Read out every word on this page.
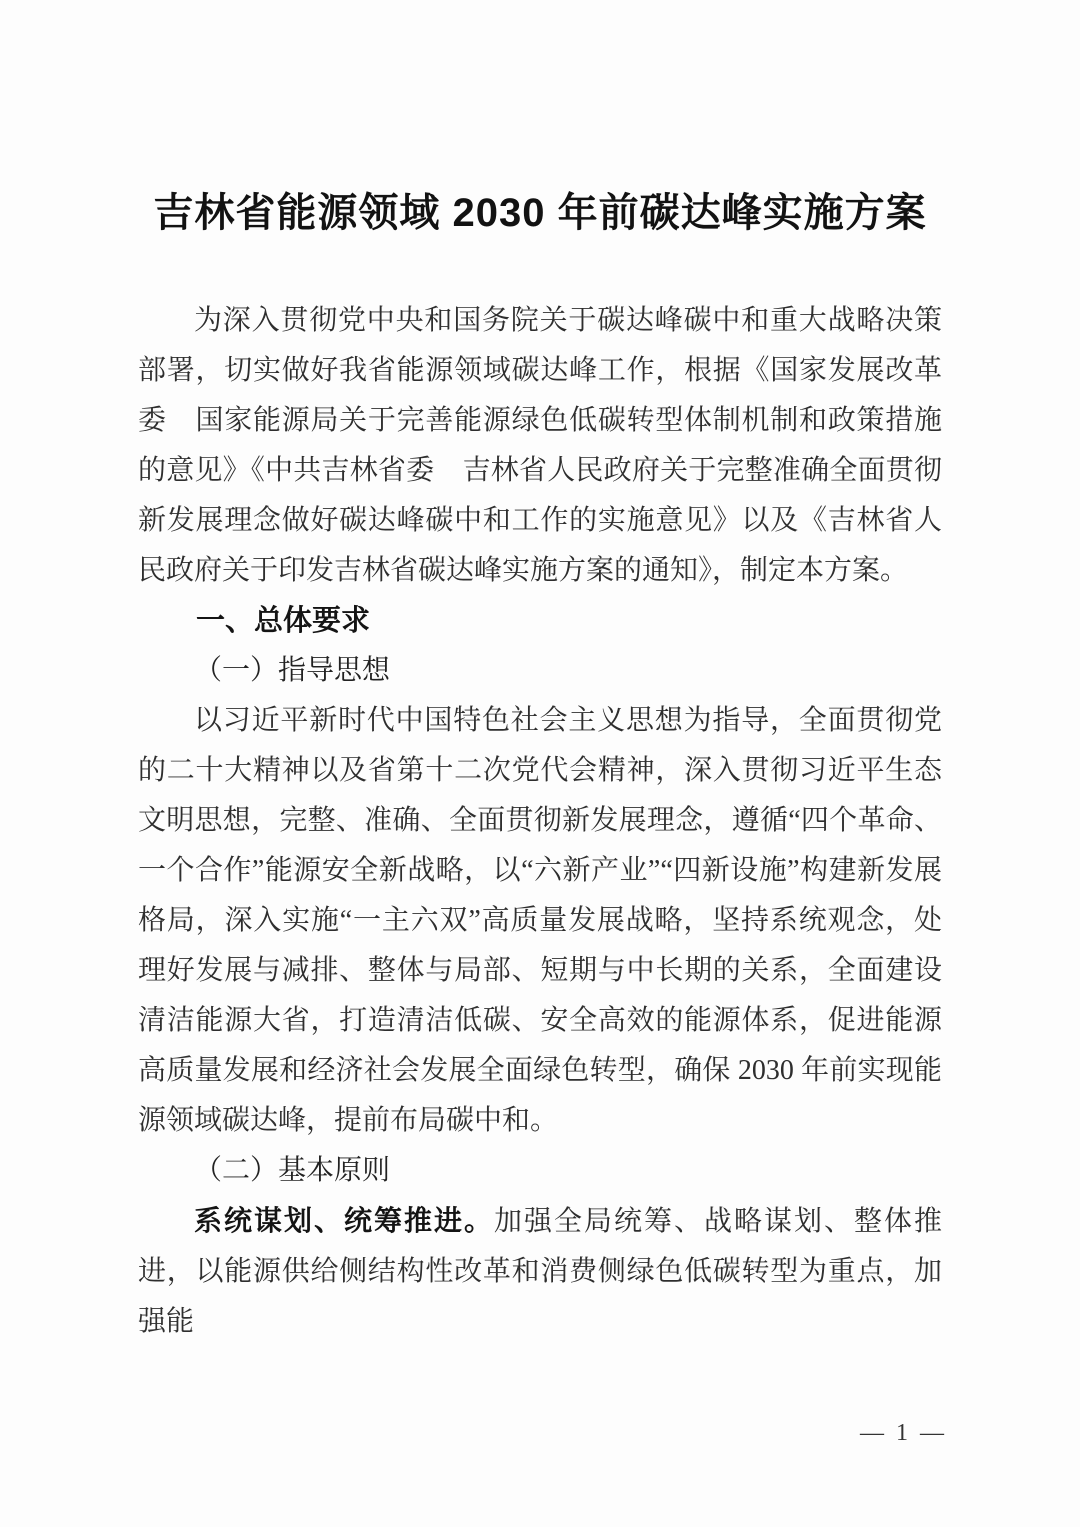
吉林省能源领域 2030 年前碳达峰实施方案

为深入贯彻党中央和国务院关于碳达峰碳中和重大战略决策部署，切实做好我省能源领域碳达峰工作，根据《国家发展改革委　国家能源局关于完善能源绿色低碳转型体制机制和政策措施的意见》《中共吉林省委　吉林省人民政府关于完整准确全面贯彻新发展理念做好碳达峰碳中和工作的实施意见》以及《吉林省人民政府关于印发吉林省碳达峰实施方案的通知》，制定本方案。

一、总体要求

（一）指导思想

以习近平新时代中国特色社会主义思想为指导，全面贯彻党的二十大精神以及省第十二次党代会精神，深入贯彻习近平生态文明思想，完整、准确、全面贯彻新发展理念，遵循“四个革命、一个合作”能源安全新战略，以“六新产业”“四新设施”构建新发展格局，深入实施“一主六双”高质量发展战略，坚持系统观念，处理好发展与减排、整体与局部、短期与中长期的关系，全面建设清洁能源大省，打造清洁低碳、安全高效的能源体系，促进能源高质量发展和经济社会发展全面绿色转型，确保 2030 年前实现能源领域碳达峰，提前布局碳中和。

（二）基本原则

系统谋划、统筹推进。加强全局统筹、战略谋划、整体推进，以能源供给侧结构性改革和消费侧绿色低碳转型为重点，加强能

— 1 —
